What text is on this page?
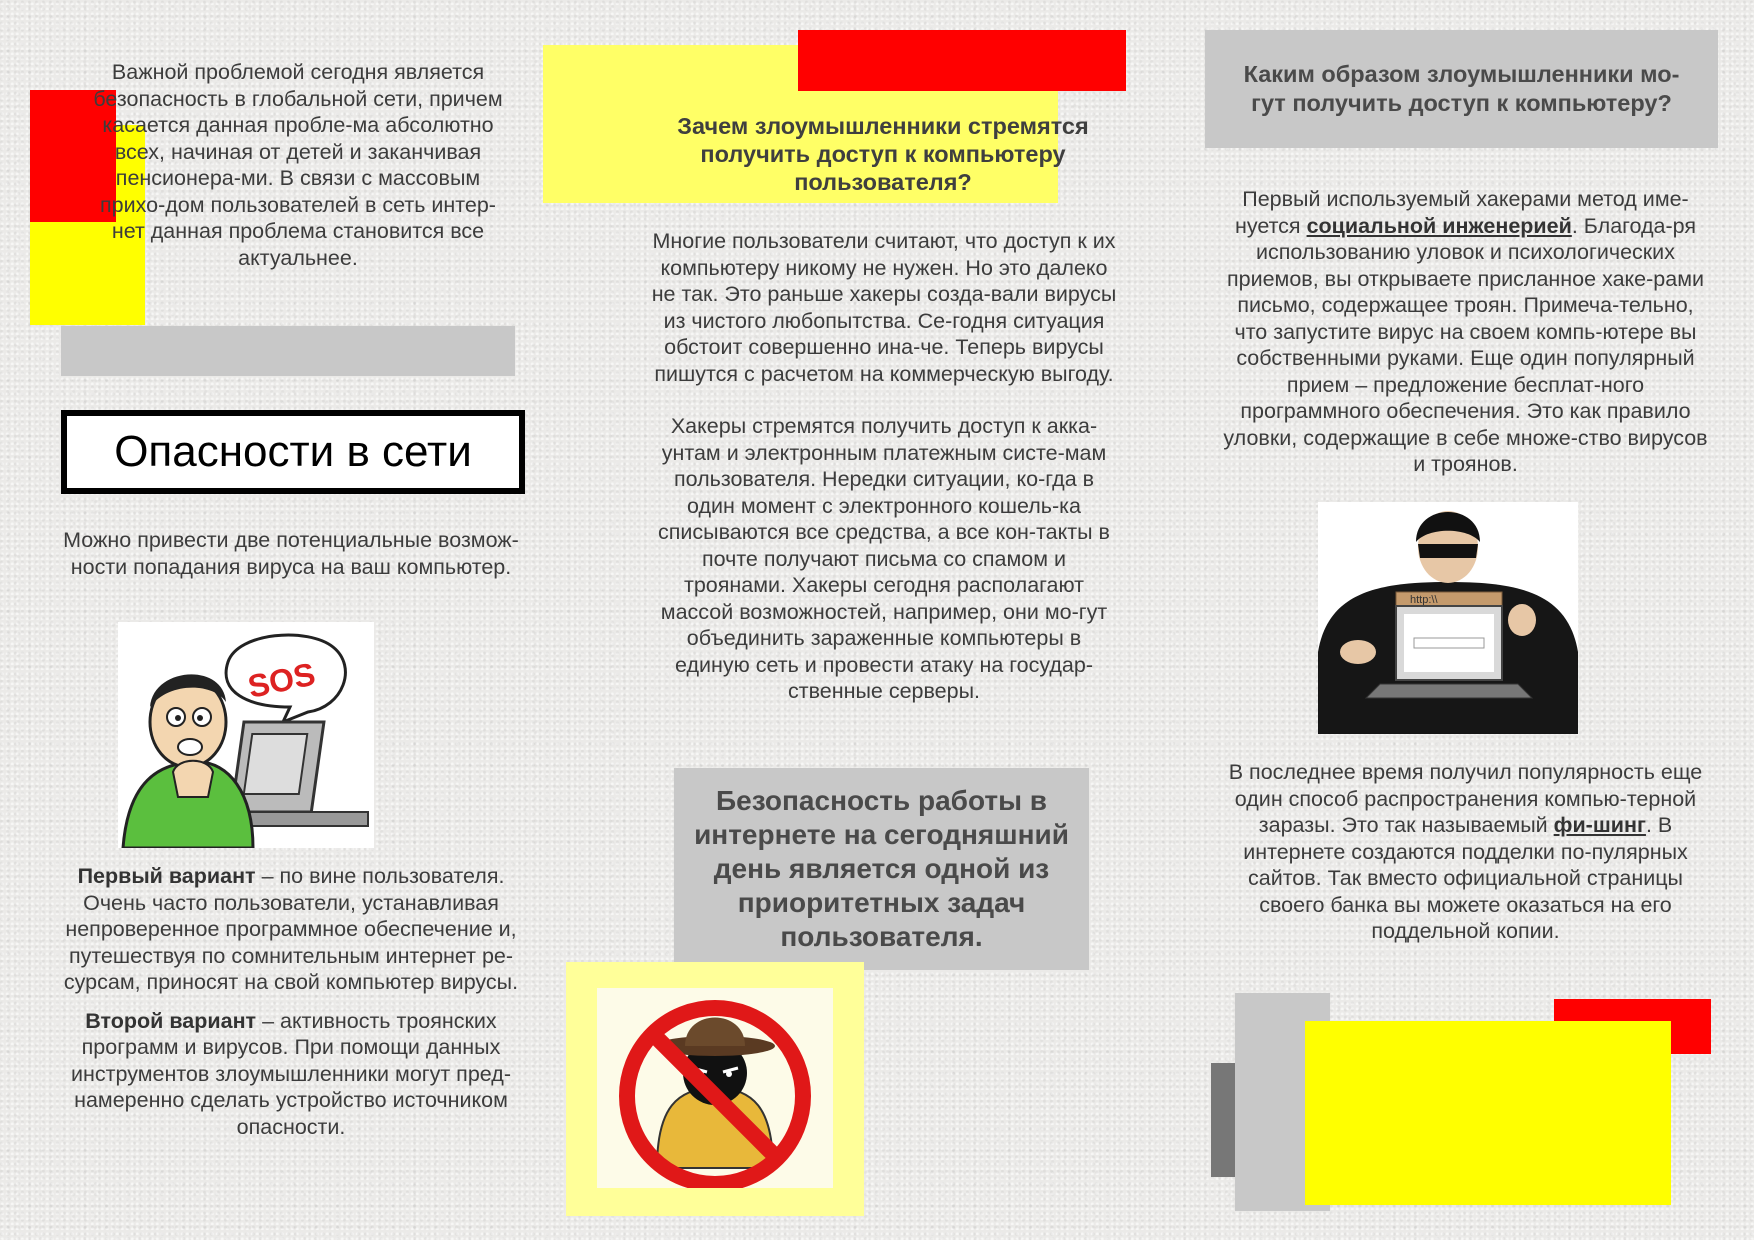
Важной проблемой сегодня является безопасность в глобальной сети, причем касается данная пробле-ма абсолютно всех, начиная от детей и заканчивая пенсионера-ми. В связи с массовым прихо-дом пользователей в сеть интер-нет данная проблема становится все актуальнее.
Опасности в сети
Можно привести две потенциальные возмож-ности попадания вируса на ваш компьютер.
SOS

Первый вариант – по вине пользователя. Очень часто пользователи, устанавливая непроверенное программное обеспечение и, путешествуя по сомнительным интернет ре-сурсам, приносят на свой компьютер вирусы.

Второй вариант – активность троянских программ и вирусов. При помощи данных инструментов злоумышленники могут пред-намеренно сделать устройство источником опасности.

Зачем злоумышленники стремятся получить доступ к компьютеру пользователя?

Многие пользователи считают, что доступ к их компьютеру никому не нужен. Но это далеко не так. Это раньше хакеры созда-вали вирусы из чистого любопытства. Се-годня ситуация обстоит совершенно ина-че. Теперь вирусы пишутся с расчетом на коммерческую выгоду.

Хакеры стремятся получить доступ к акка-унтам и электронным платежным систе-мам пользователя. Нередки ситуации, ко-гда в один момент с электронного кошель-ка списываются все средства, а все кон-такты в почте получают письма со спамом и троянами. Хакеры сегодня располагают массой возможностей, например, они мо-гут объединить зараженные компьютеры в единую сеть и провести атаку на государ-ственные серверы.

Безопасность работы в интернете на сегодняшний день является одной из приоритетных задач пользователя.
Каким образом злоумышленники мо-гут получить доступ к компьютеру?
Первый используемый хакерами метод име-нуется социальной инженерией. Благода-ря использованию уловок и психологических приемов, вы открываете присланное хаке-рами письмо, содержащее троян. Примеча-тельно, что запустите вирус на своем компь-ютере вы собственными руками. Еще один популярный прием – предложение бесплат-ного программного обеспечения. Это как правило уловки, содержащие в себе множе-ство вирусов и троянов.
http:\\
В последнее время получил популярность еще один способ распространения компью-терной заразы. Это так называемый фи-шинг. В интернете создаются подделки по-пулярных сайтов. Так вместо официальной страницы своего банка вы можете оказаться на его поддельной копии.
